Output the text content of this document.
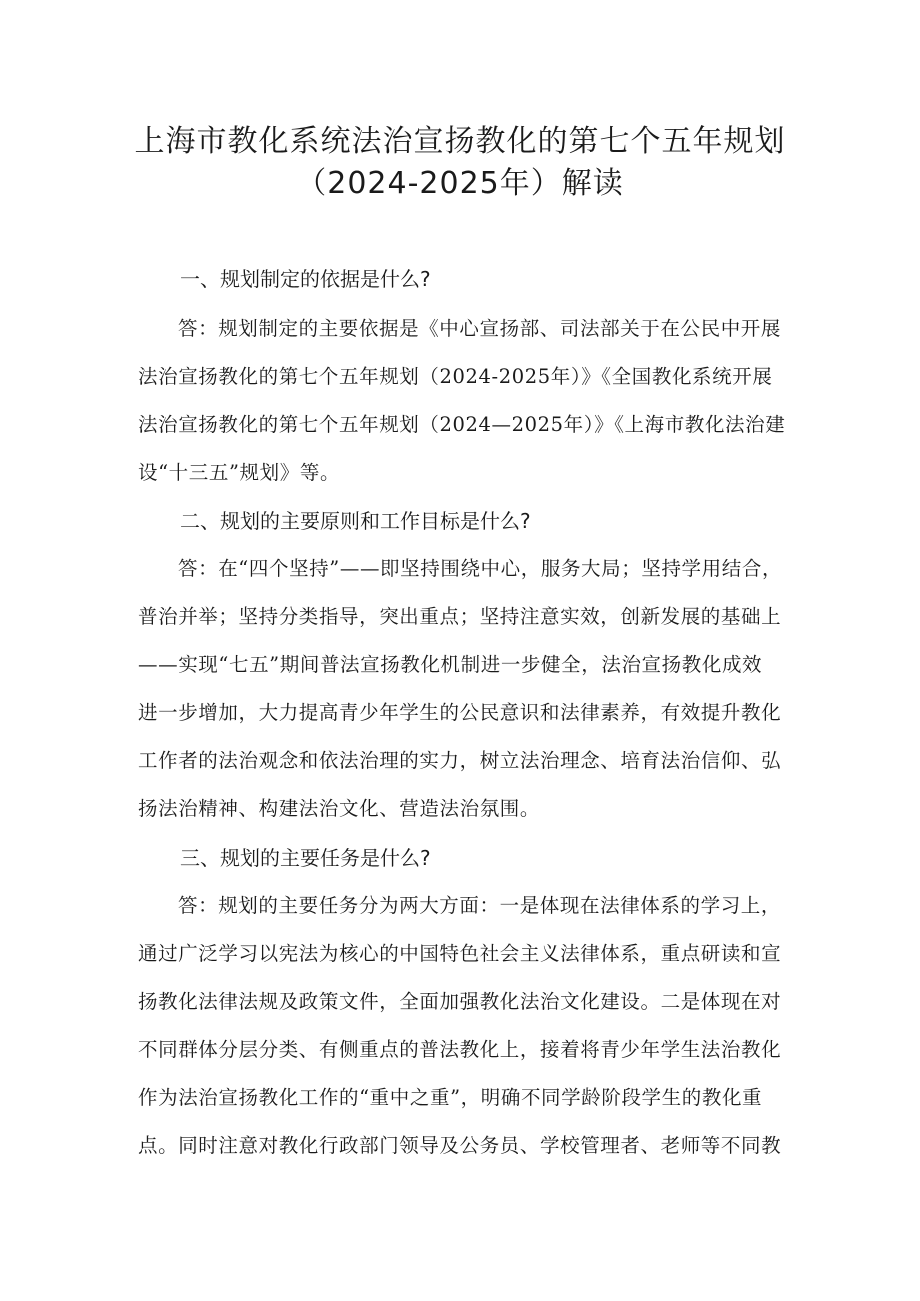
上海市教化系统法治宣扬教化的第七个五年规划
（2024-2025年）解读
一、规划制定的依据是什么?
答：规划制定的主要依据是《中心宣扬部、司法部关于在公民中开展
法治宣扬教化的第七个五年规划（2024-2025年）》《全国教化系统开展
法治宣扬教化的第七个五年规划（2024—2025年）》《上海市教化法治建
设“十三五”规划》等。
二、规划的主要原则和工作目标是什么?
答：在“四个坚持”——即坚持围绕中心，服务大局；坚持学用结合，
普治并举；坚持分类指导，突出重点；坚持注意实效，创新发展的基础上
——实现“七五”期间普法宣扬教化机制进一步健全，法治宣扬教化成效
进一步增加，大力提高青少年学生的公民意识和法律素养，有效提升教化
工作者的法治观念和依法治理的实力，树立法治理念、培育法治信仰、弘
扬法治精神、构建法治文化、营造法治氛围。
三、规划的主要任务是什么?
答：规划的主要任务分为两大方面：一是体现在法律体系的学习上，
通过广泛学习以宪法为核心的中国特色社会主义法律体系，重点研读和宣
扬教化法律法规及政策文件，全面加强教化法治文化建设。二是体现在对
不同群体分层分类、有侧重点的普法教化上，接着将青少年学生法治教化
作为法治宣扬教化工作的“重中之重”，明确不同学龄阶段学生的教化重
点。同时注意对教化行政部门领导及公务员、学校管理者、老师等不同教
